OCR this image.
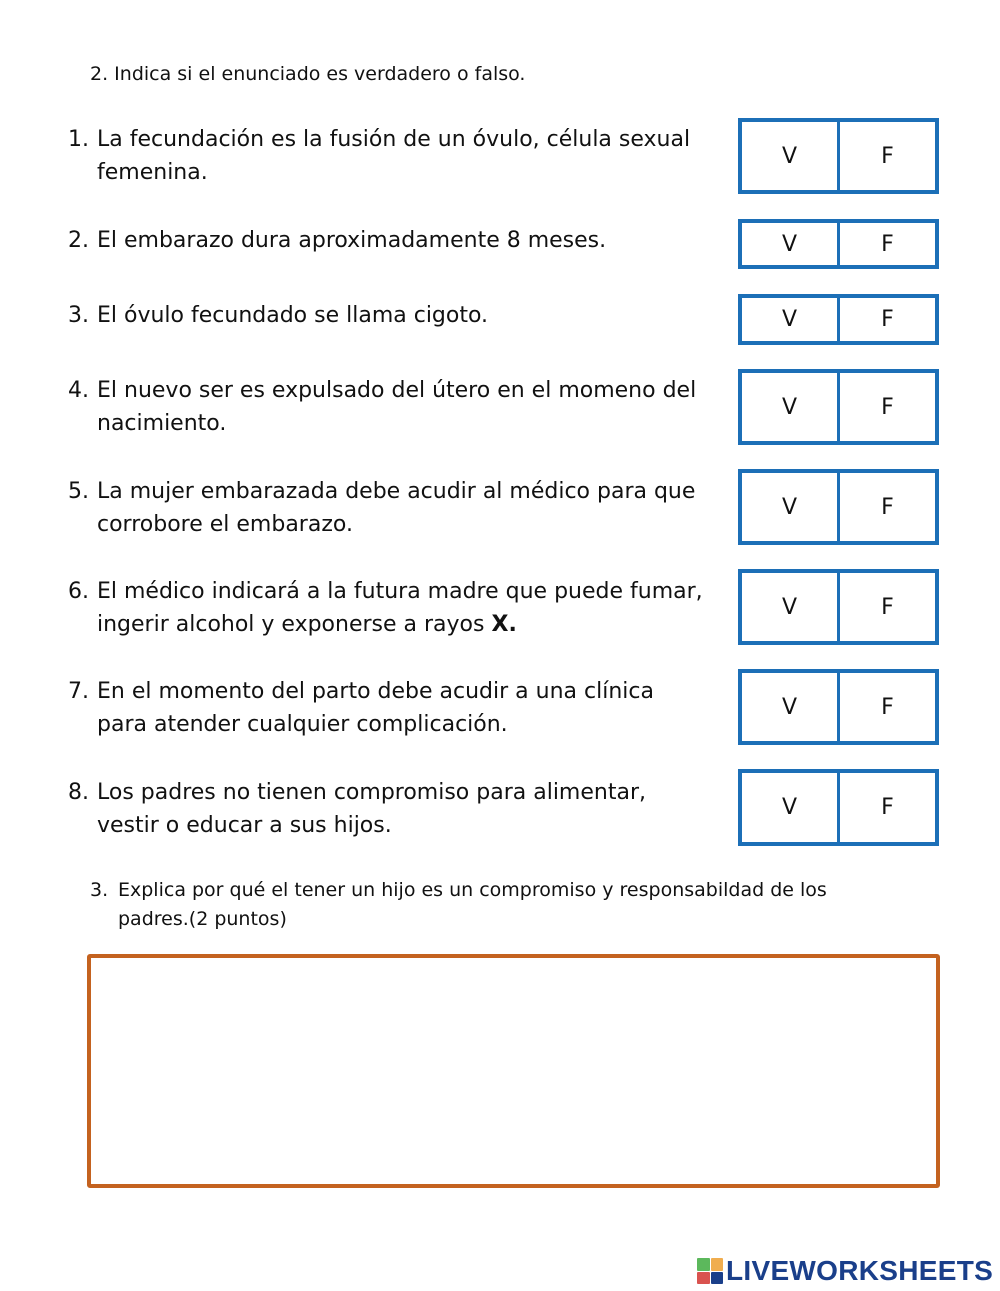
2. Indica si el enunciado es verdadero o falso.
1. La fecundación es la fusión de un óvulo, célula sexual femenina.
V	F
2. El embarazo dura aproximadamente 8 meses.	V	F
3. El óvulo fecundado se llama cigoto.	V	F
4. El nuevo ser es expulsado del útero en el momeno del nacimiento.
V	F
5. La mujer embarazada debe acudir al médico para que corrobore el embarazo.
V	F
6. El médico indicará a la futura madre que puede fumar, ingerir alcohol y exponerse a rayos X.
V	F
7. En el momento del parto debe acudir a una clínica para atender cualquier complicación.
V	F
8. Los padres no tienen compromiso para alimentar, vestir o educar a sus hijos.
V	F
3. Explica por qué el tener un hijo es un compromiso y responsabildad de los
padres.(2 puntos)
LIVEWORKSHEETS
